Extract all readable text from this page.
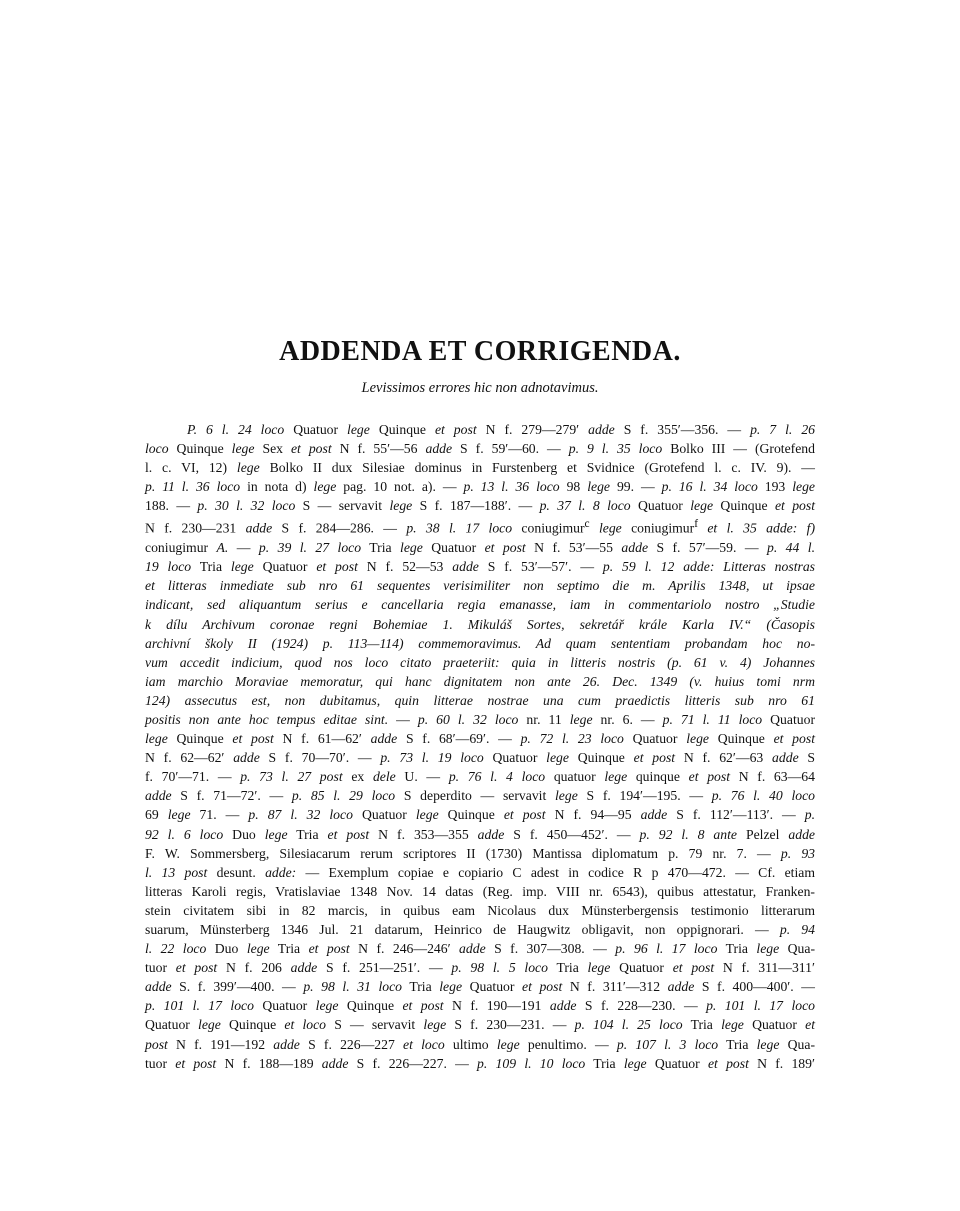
ADDENDA ET CORRIGENDA.

Levissimos errores hic non adnotavimus.

P. 6 l. 24 loco Quatuor lege Quinque et post N f. 279—279′ adde S f. 355′—356. — p. 7 l. 26
loco Quinque lege Sex et post N f. 55′—56 adde S f. 59′—60. — p. 9 l. 35 loco Bolko III — (Grotefend
l. c. VI, 12) lege Bolko II dux Silesiae dominus in Furstenberg et Svidnice (Grotefend l. c. IV. 9). —
p. 11 l. 36 loco in nota d) lege pag. 10 not. a). — p. 13 l. 36 loco 98 lege 99. — p. 16 l. 34 loco 193 lege
188. — p. 30 l. 32 loco S — servavit lege S f. 187—188′. — p. 37 l. 8 loco Quatuor lege Quinque et post
N f. 230—231 adde S f. 284—286. — p. 38 l. 17 loco coniugimur$^c$ lege coniugimur$^f$ et l. 35 adde: f)
coniugimur A. — p. 39 l. 27 loco Tria lege Quatuor et post N f. 53′—55 adde S f. 57′—59. — p. 44 l.
19 loco Tria lege Quatuor et post N f. 52—53 adde S f. 53′—57′. — p. 59 l. 12 adde: Litteras nostras
et litteras inmediate sub nro 61 sequentes verisimiliter non septimo die m. Aprilis 1348, ut ipsae
indicant, sed aliquantum serius e cancellaria regia emanasse, iam in commentariolo nostro „Studie
k dílu Archivum coronae regni Bohemiae 1. Mikuláš Sortes, sekretář krále Karla IV.“ (Časopis
archivní školy II (1924) p. 113—114) commemoravimus. Ad quam sententiam probandam hoc no-
vum accedit indicium, quod nos loco citato praeteriit: quia in litteris nostris (p. 61 v. 4) Johannes
iam marchio Moraviae memoratur, qui hanc dignitatem non ante 26. Dec. 1349 (v. huius tomi nrm
124) assecutus est, non dubitamus, quin litterae nostrae una cum praedictis litteris sub nro 61
positis non ante hoc tempus editae sint. — p. 60 l. 32 loco nr. 11 lege nr. 6. — p. 71 l. 11 loco Quatuor
lege Quinque et post N f. 61—62′ adde S f. 68′—69′. — p. 72 l. 23 loco Quatuor lege Quinque et post
N f. 62—62′ adde S f. 70—70′. — p. 73 l. 19 loco Quatuor lege Quinque et post N f. 62′—63 adde S
f. 70′—71. — p. 73 l. 27 post ex dele U. — p. 76 l. 4 loco quatuor lege quinque et post N f. 63—64
adde S f. 71—72′. — p. 85 l. 29 loco S deperdito — servavit lege S f. 194′—195. — p. 76 l. 40 loco
69 lege 71. — p. 87 l. 32 loco Quatuor lege Quinque et post N f. 94—95 adde S f. 112′—113′. — p.
92 l. 6 loco Duo lege Tria et post N f. 353—355 adde S f. 450—452′. — p. 92 l. 8 ante Pelzel adde
F. W. Sommersberg, Silesiacarum rerum scriptores II (1730) Mantissa diplomatum p. 79 nr. 7. — p. 93
l. 13 post desunt. adde: — Exemplum copiae e copiario C adest in codice R p 470—472. — Cf. etiam
litteras Karoli regis, Vratislaviae 1348 Nov. 14 datas (Reg. imp. VIII nr. 6543), quibus attestatur, Franken-
stein civitatem sibi in 82 marcis, in quibus eam Nicolaus dux Münsterbergensis testimonio litterarum
suarum, Münsterberg 1346 Jul. 21 datarum, Heinrico de Haugwitz obligavit, non oppignorari. — p. 94
l. 22 loco Duo lege Tria et post N f. 246—246′ adde S f. 307—308. — p. 96 l. 17 loco Tria lege Qua-
tuor et post N f. 206 adde S f. 251—251′. — p. 98 l. 5 loco Tria lege Quatuor et post N f. 311—311′
adde S. f. 399′—400. — p. 98 l. 31 loco Tria lege Quatuor et post N f. 311′—312 adde S f. 400—400′. —
p. 101 l. 17 loco Quatuor lege Quinque et post N f. 190—191 adde S f. 228—230. — p. 101 l. 17 loco
Quatuor lege Quinque et loco S — servavit lege S f. 230—231. — p. 104 l. 25 loco Tria lege Quatuor et
post N f. 191—192 adde S f. 226—227 et loco ultimo lege penultimo. — p. 107 l. 3 loco Tria lege Qua-
tuor et post N f. 188—189 adde S f. 226—227. — p. 109 l. 10 loco Tria lege Quatuor et post N f. 189′
